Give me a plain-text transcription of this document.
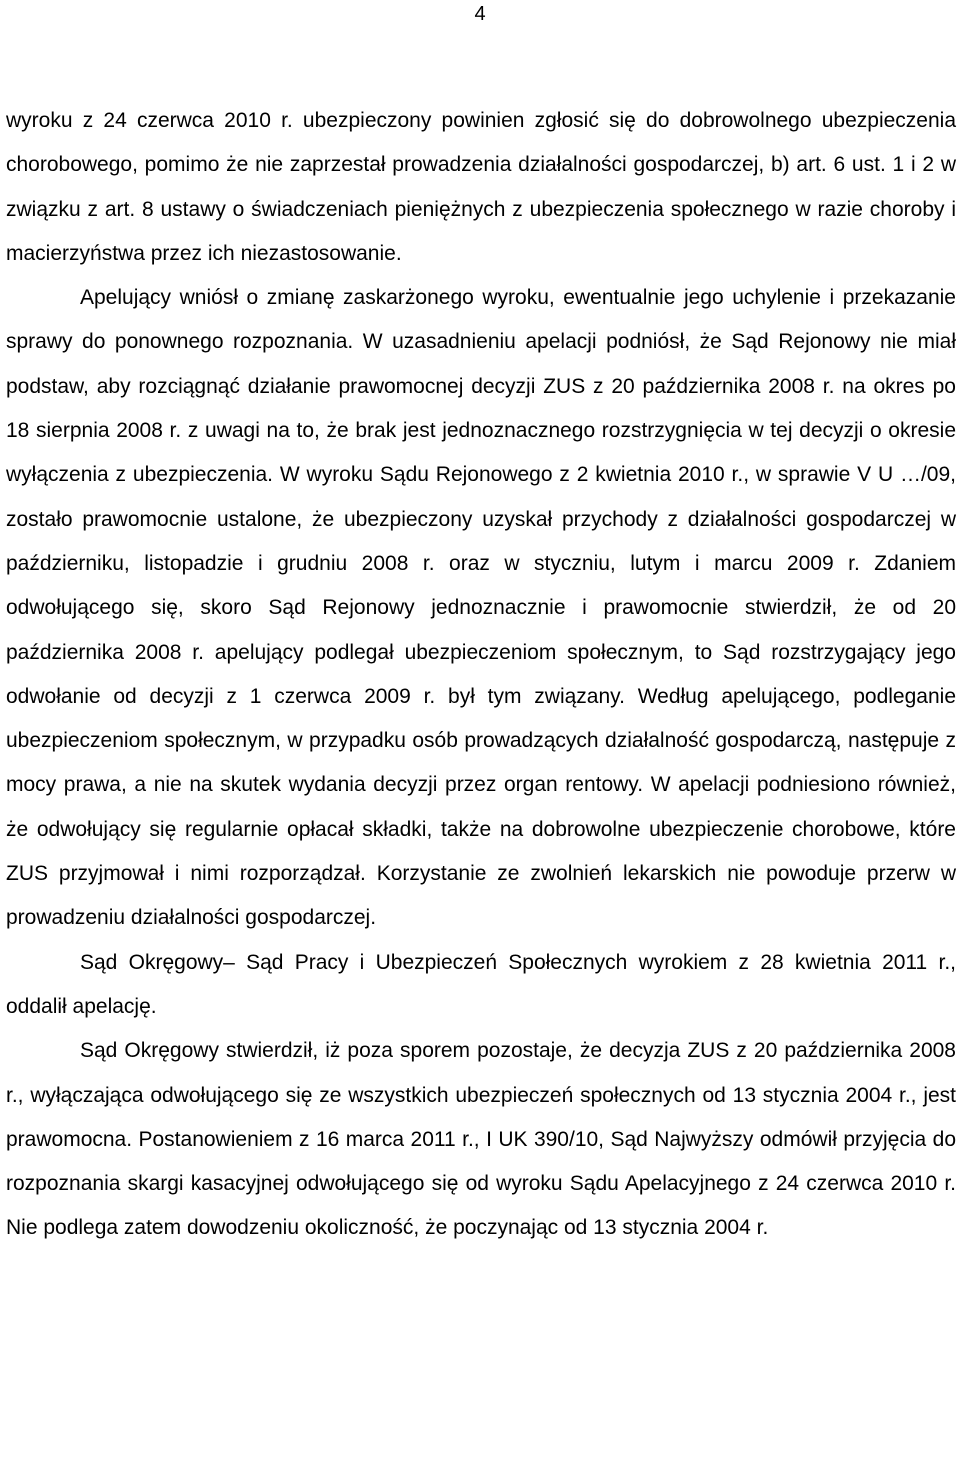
4

wyroku z 24 czerwca 2010 r. ubezpieczony powinien zgłosić się do dobrowolnego ubezpieczenia chorobowego, pomimo że nie zaprzestał prowadzenia działalności gospodarczej, b) art. 6 ust. 1 i 2 w związku z art. 8 ustawy o świadczeniach pieniężnych z ubezpieczenia społecznego w razie choroby i macierzyństwa przez ich niezastosowanie.

Apelujący wniósł o zmianę zaskarżonego wyroku, ewentualnie jego uchylenie i przekazanie sprawy do ponownego rozpoznania. W uzasadnieniu apelacji podniósł, że Sąd Rejonowy nie miał podstaw, aby rozciągnąć działanie prawomocnej decyzji ZUS z 20 października 2008 r. na okres po 18 sierpnia 2008 r. z uwagi na to, że brak jest jednoznacznego rozstrzygnięcia w tej decyzji o okresie wyłączenia z ubezpieczenia. W wyroku Sądu Rejonowego z 2 kwietnia 2010 r., w sprawie V U …/09, zostało prawomocnie ustalone, że ubezpieczony uzyskał przychody z działalności gospodarczej w październiku, listopadzie i grudniu 2008 r. oraz w styczniu, lutym i marcu 2009 r. Zdaniem odwołującego się, skoro Sąd Rejonowy jednoznacznie i prawomocnie stwierdził, że od 20 października 2008 r. apelujący podlegał ubezpieczeniom społecznym, to Sąd rozstrzygający jego odwołanie od decyzji z 1 czerwca 2009 r. był tym związany. Według apelującego, podleganie ubezpieczeniom społecznym, w przypadku osób prowadzących działalność gospodarczą, następuje z mocy prawa, a nie na skutek wydania decyzji przez organ rentowy. W apelacji podniesiono również, że odwołujący się regularnie opłacał składki, także na dobrowolne ubezpieczenie chorobowe, które ZUS przyjmował i nimi rozporządzał. Korzystanie ze zwolnień lekarskich nie powoduje przerw w prowadzeniu działalności gospodarczej.

Sąd Okręgowy– Sąd Pracy i Ubezpieczeń Społecznych wyrokiem z 28 kwietnia 2011 r., oddalił apelację.

Sąd Okręgowy stwierdził, iż poza sporem pozostaje, że decyzja ZUS z 20 października 2008 r., wyłączająca odwołującego się ze wszystkich ubezpieczeń społecznych od 13 stycznia 2004 r., jest prawomocna. Postanowieniem z 16 marca 2011 r., I UK 390/10, Sąd Najwyższy odmówił przyjęcia do rozpoznania skargi kasacyjnej odwołującego się od wyroku Sądu Apelacyjnego z 24 czerwca 2010 r. Nie podlega zatem dowodzeniu okoliczność, że poczynając od 13 stycznia 2004 r.
